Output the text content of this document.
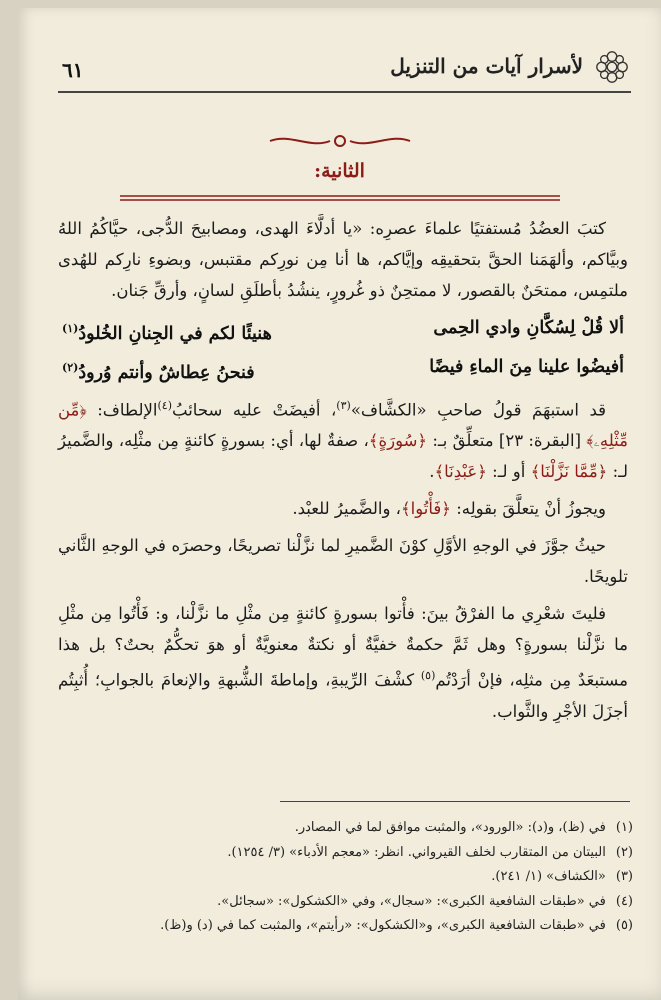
لأسرار آيات من التنزيل
٦١
الثانية:

كتبَ العضُدُ مُستفتيًا علماءَ عصرِه: «يا أدلَّاءَ الهدى، ومصابيحَ الدُّجى، حيَّاكُمُ اللهُ وبيَّاكم، وألهَمَنا الحقَّ بتحقيقِه وإيَّاكم، ها أنا مِن نورِكم مقتبس، وبضوءِ نارِكم للهُدى ملتمِس، ممتحَنٌ بالقصور، لا ممتحِنٌ ذو غُرورٍ، ينشُدُ بأطلَقِ لسانٍ، وأرقِّ جَنان.

ألا قُلْ لِسُكَّانِ وادي الحِمى
هنيئًا لكم في الجِنانِ الخُلودُ$^{(١)}$
أفيضُوا علينا مِنَ الماءِ فيضًا
فنحنُ عِطاشٌ وأنتم وُرودُ$^{(٢)}$

قد استبهَمَ قولُ صاحبِ «الكشَّاف»$^{(٣)}$، أفيضَتْ عليه سحائبُ$^{(٤)}$الإلطاف: ﴿مِّن مِّثْلِهِۦ﴾ [البقرة: ٢٣] متعلِّقٌ بـ: ﴿سُورَةٍ﴾، صفةٌ لها، أي: بسورةٍ كائنةٍ مِن مثْلِه، والضَّميرُ لـ: ﴿مِّمَّا نَزَّلْنَا﴾ أو لـ: ﴿عَبْدِنَا﴾.

ويجوزُ أنْ يتعلَّقَ بقولِه: ﴿فَأْتُوا﴾، والضَّميرُ للعبْد.

حيثُ جوَّزَ في الوجهِ الأوَّلِ كوْنَ الضَّميرِ لما نزَّلْنا تصريحًا، وحصرَه في الوجهِ الثَّاني تلويحًا.

فليتَ شعْرِي ما الفرْقُ بينَ: فأْتوا بسورةٍ كائنةٍ مِن مثْلِ ما نزَّلْنا، و: فَأْتُوا مِن مثْلِ ما نزَّلْنا بسورةٍ؟ وهل ثَمَّ حكمةٌ خفيَّةٌ أو نكتةٌ معنويَّةٌ أو هوَ تحكُّمٌ بحتٌ؟ بل هذا مستبعَدٌ مِن مثلِه، فإنْ أرَدْتُم$^{(٥)}$ كشْفَ الرِّيبةِ، وإماطةَ الشُّبهةِ والإنعامَ بالجوابِ؛ أُثبِتُم أجزَلَ الأجْرِ والثَّواب.

(١)في (ظ)، و(د): «الورود»، والمثبت موافق لما في المصادر.
(٢)البيتان من المتقارب لخلف القيرواني. انظر: «معجم الأدباء» (٣/ ١٢٥٤).
(٣)«الكشاف» (١/ ٢٤١).
(٤)في «طبقات الشافعية الكبرى»: «سجال»، وفي «الكشكول»: «سجائل».
(٥)في «طبقات الشافعية الكبرى»، و«الكشكول»: «رأيتم»، والمثبت كما في (د) و(ظ).
